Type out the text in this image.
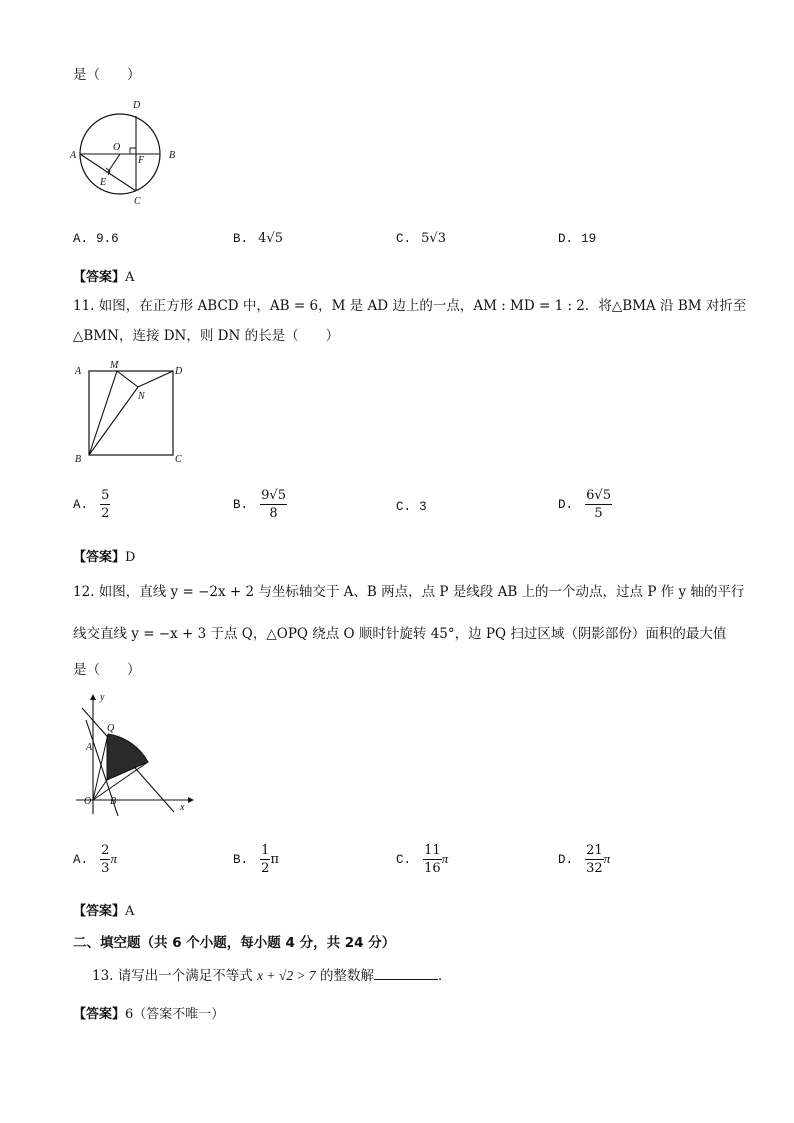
是（　　）
D
O
F
A	B
E
C
A. 9.6	B. 4√5	C. 5√3	D. 19
【答案】A
11. 如图，在正方形 ABCD 中，AB = 6，M 是 AD 边上的一点，AM : MD = 1 : 2．将△BMA 沿 BM 对折至
△BMN，连接 DN，则 DN 的长是（　　）
A
M
D
N
B	C
A. $\frac{5}{2}$	B. $\frac{9√5}{8}$	C. 3	D. $\frac{6√5}{5}$
【答案】D
12. 如图，直线 y = −2x + 2 与坐标轴交于 A、B 两点，点 P 是线段 AB 上的一个动点，过点 P 作 y 轴的平行
线交直线 y = −x + 3 于点 Q，△OPQ 绕点 O 顺时针旋转 45°，边 PQ 扫过区域（阴影部份）面积的最大值
是（　　）
y
Q
A
O B
x
A. $\frac{2}{3}$ π	B. $\frac{1}{2}$ π	C. $\frac{11}{16}$ π	D. $\frac{21}{32}$ π
【答案】A
二、填空题（共 6 个小题，每小题 4 分，共 24 分）
13. 请写出一个满足不等式 x + √2 > 7 的整数解	．
【答案】6（答案不唯一）
